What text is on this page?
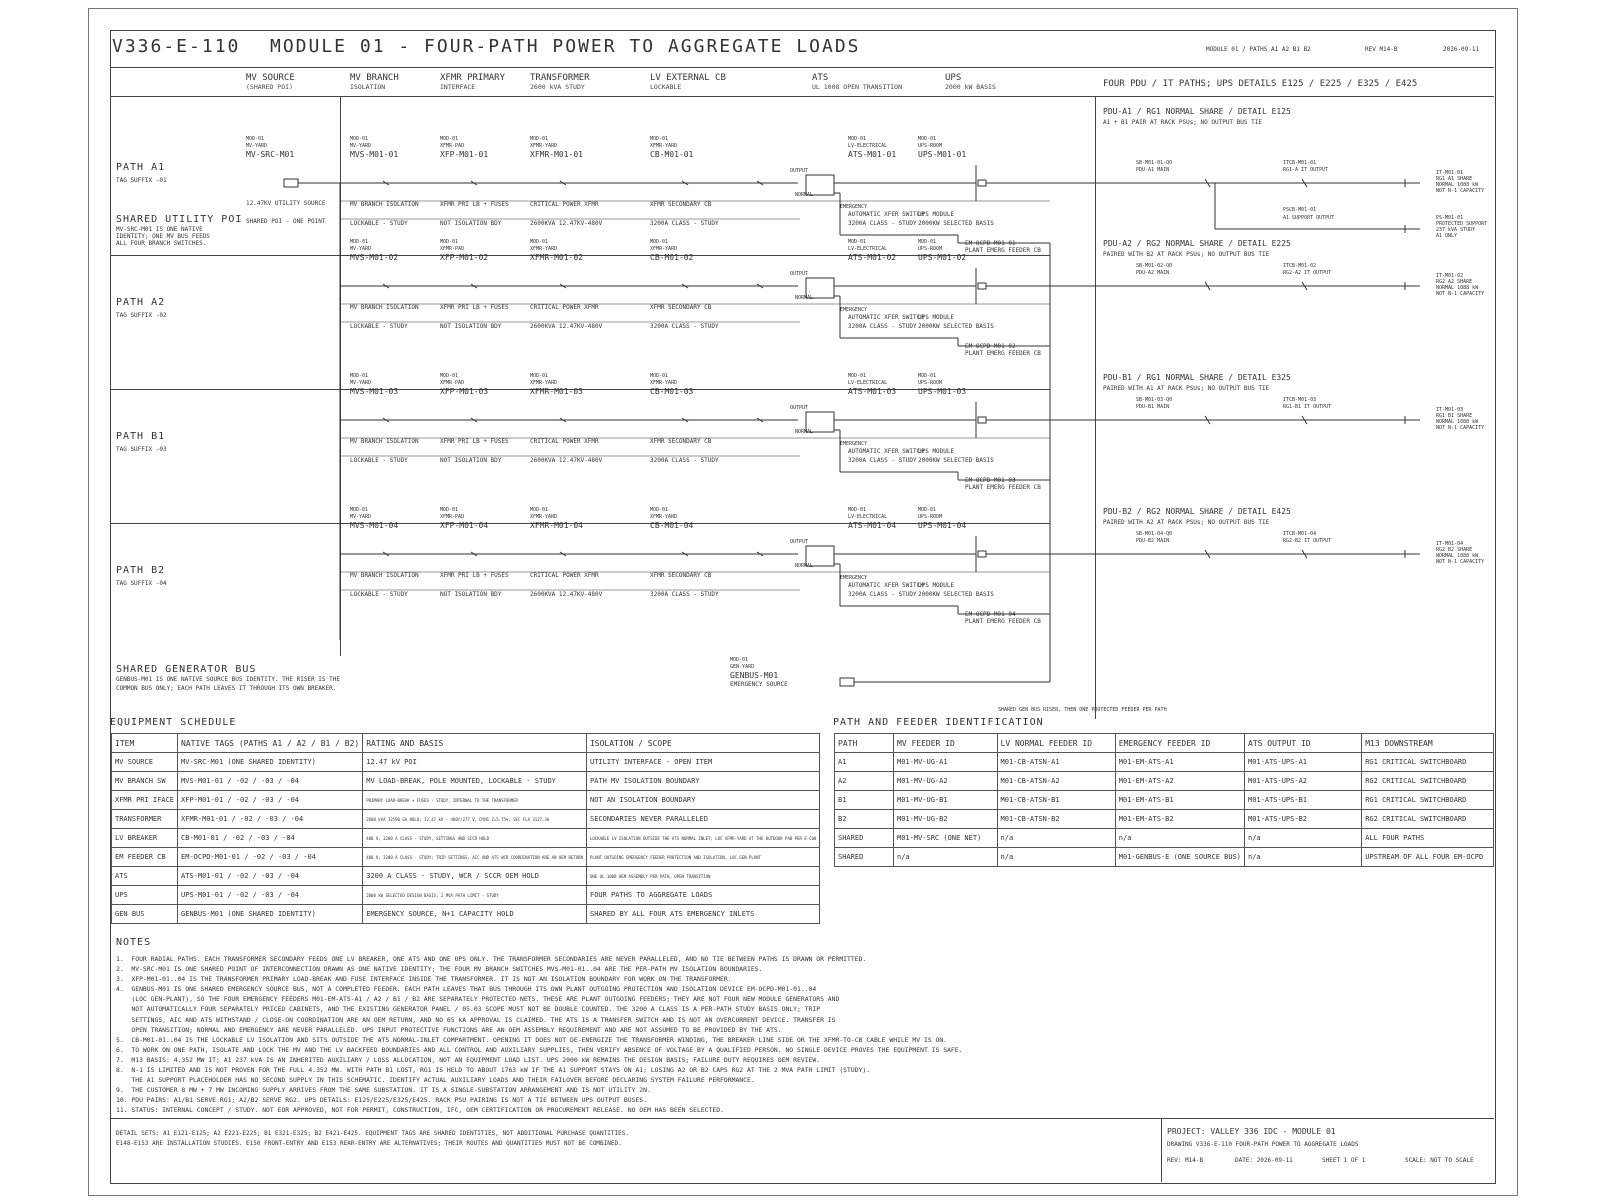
V336-E-110 MODULE 01 - FOUR-PATH POWER TO AGGREGATE LOADS	MODULE 01 / PATHS A1 A2 B1 B2	REV M14-B	2026-09-11
MV SOURCE
(SHARED POI)
MV BRANCH
ISOLATION
XFMR PRIMARY
INTERFACE
TRANSFORMER
2600 kVA STUDY
LV EXTERNAL CB
LOCKABLE
ATS
UL 1008 OPEN TRANSITION
UPS
2000 kW BASIS	FOUR PDU / IT PATHS; UPS DETAILS E125 / E225 / E325 / E425
PATH A1
TAG SUFFIX -01
PATH A2
TAG SUFFIX -02
PATH B1
TAG SUFFIX -03
PATH B2
TAG SUFFIX -04
SHARED UTILITY POI
MV-SRC-M01 IS ONE NATIVE
IDENTITY; ONE MV BUS FEEDS
ALL FOUR BRANCH SWITCHES.
MOD-01
MV-YARD
MV-SRC-M01
12.47KV UTILITY SOURCE
SHARED POI - ONE POINT
MOD-01
MV-YARD
MVS-M01-01
MV BRANCH ISOLATION
LOCKABLE - STUDY
MOD-01
XFMR-PAD
XFP-M01-01
XFMR PRI LB + FUSES
NOT ISOLATION BDY
MOD-01
XFMR-YARD
XFMR-M01-01
CRITICAL POWER XFMR
2600KVA 12.47KV-480V
MOD-01
XFMR-YARD
CB-M01-01
XFMR SECONDARY CB
3200A CLASS - STUDY
MOD-01
LV-ELECTRICAL
ATS-M01-01
AUTOMATIC XFER SWITCH
3200A CLASS - STUDY
MOD-01
UPS-ROOM
UPS-M01-01
UPS MODULE
2000KW SELECTED BASIS
OUTPUT
NORMAL
EMERGENCY
EM-OCPD-M01-01
PLANT EMERG FEEDER CB
PDU-A1 / RG1 NORMAL SHARE / DETAIL E125
A1 + B1 PAIR AT RACK PSUs; NO OUTPUT BUS TIE
SB-M01-01-Q0
PDU-A1 MAIN
ITCB-M01-01
RG1-A IT OUTPUT	IT-M01-01
RG1 A1 SHARE
NORMAL 1088 kW
NOT N-1 CAPACITY
MOD-01
MV-YARD
MVS-M01-02
MV BRANCH ISOLATION
LOCKABLE - STUDY
MOD-01
XFMR-PAD
XFP-M01-02
XFMR PRI LB + FUSES
NOT ISOLATION BDY
MOD-01
XFMR-YARD
XFMR-M01-02
CRITICAL POWER XFMR
2600KVA 12.47KV-480V
MOD-01
XFMR-YARD
CB-M01-02
XFMR SECONDARY CB
3200A CLASS - STUDY
MOD-01
LV-ELECTRICAL
ATS-M01-02
AUTOMATIC XFER SWITCH
3200A CLASS - STUDY
MOD-01
UPS-ROOM
UPS-M01-02
UPS MODULE
2000KW SELECTED BASIS
OUTPUT
NORMAL
EMERGENCY
EM-OCPD-M01-02
PLANT EMERG FEEDER CB
PDU-A2 / RG2 NORMAL SHARE / DETAIL E225
PAIRED WITH B2 AT RACK PSUs; NO OUTPUT BUS TIE
SB-M01-02-Q0
PDU-A2 MAIN
ITCB-M01-02
RG2-A2 IT OUTPUT	IT-M01-02
RG2 A2 SHARE
NORMAL 1088 kW
NOT N-1 CAPACITY
MOD-01
MV-YARD
MVS-M01-03
MV BRANCH ISOLATION
LOCKABLE - STUDY
MOD-01
XFMR-PAD
XFP-M01-03
XFMR PRI LB + FUSES
NOT ISOLATION BDY
MOD-01
XFMR-YARD
XFMR-M01-03
CRITICAL POWER XFMR
2600KVA 12.47KV-480V
MOD-01
XFMR-YARD
CB-M01-03
XFMR SECONDARY CB
3200A CLASS - STUDY
MOD-01
LV-ELECTRICAL
ATS-M01-03
AUTOMATIC XFER SWITCH
3200A CLASS - STUDY
MOD-01
UPS-ROOM
UPS-M01-03
UPS MODULE
2000KW SELECTED BASIS
OUTPUT
NORMAL
EMERGENCY
EM-OCPD-M01-03
PLANT EMERG FEEDER CB
PDU-B1 / RG1 NORMAL SHARE / DETAIL E325
PAIRED WITH A1 AT RACK PSUs; NO OUTPUT BUS TIE
SB-M01-03-Q0
PDU-B1 MAIN
ITCB-M01-03
RG1-B1 IT OUTPUT	IT-M01-03
RG1 B1 SHARE
NORMAL 1088 kW
NOT N-1 CAPACITY
MOD-01
MV-YARD
MVS-M01-04
MV BRANCH ISOLATION
LOCKABLE - STUDY
MOD-01
XFMR-PAD
XFP-M01-04
XFMR PRI LB + FUSES
NOT ISOLATION BDY
MOD-01
XFMR-YARD
XFMR-M01-04
CRITICAL POWER XFMR
2600KVA 12.47KV-480V
MOD-01
XFMR-YARD
CB-M01-04
XFMR SECONDARY CB
3200A CLASS - STUDY
MOD-01
LV-ELECTRICAL
ATS-M01-04
AUTOMATIC XFER SWITCH
3200A CLASS - STUDY
MOD-01
UPS-ROOM
UPS-M01-04
UPS MODULE
2000KW SELECTED BASIS
OUTPUT
NORMAL
EMERGENCY
EM-OCPD-M01-04
PLANT EMERG FEEDER CB
PDU-B2 / RG2 NORMAL SHARE / DETAIL E425
PAIRED WITH A2 AT RACK PSUs; NO OUTPUT BUS TIE
SB-M01-04-Q0
PDU-B2 MAIN
ITCB-M01-04
RG2-B2 IT OUTPUT	IT-M01-04
RG2 B2 SHARE
NORMAL 1088 kW
NOT N-1 CAPACITY
PSCB-M01-01
A1 SUPPORT OUTPUT	PS-M01-01
PROTECTED SUPPORT
237 kVA STUDY
A1 ONLY
SHARED GENERATOR BUS
GENBUS-M01 IS ONE NATIVE SOURCE BUS IDENTITY. THE RISER IS THE
COMMON BUS ONLY; EACH PATH LEAVES IT THROUGH ITS OWN BREAKER.
MOD-01
GEN-YARD
GENBUS-M01
EMERGENCY SOURCE
SHARED GEN BUS RISER, THEN ONE PROTECTED FEEDER PER PATH
EQUIPMENT SCHEDULE
ITEM	NATIVE TAGS (PATHS A1 / A2 / B1 / B2)	RATING AND BASIS	ISOLATION / SCOPE
MV SOURCE	MV-SRC-M01 (ONE SHARED IDENTITY)	12.47 kV POI	UTILITY INTERFACE - OPEN ITEM
MV BRANCH SW	MVS-M01-01 / -02 / -03 / -04	MV LOAD-BREAK, POLE MOUNTED, LOCKABLE - STUDY	PATH MV ISOLATION BOUNDARY
XFMR PRI IFACE	XFP-M01-01 / -02 / -03 / -04	PRIMARY LOAD-BREAK + FUSES - STUDY, INTERNAL TO THE TRANSFORMER	NOT AN ISOLATION BOUNDARY
TRANSFORMER	XFMR-M01-01 / -02 / -03 / -04	2600 kVA 12590 GA HOLD; 12.47 kV - 480Y/277 V, DYN1 Z=5.75%; SEC FLA 3127.3A	SECONDARIES NEVER PARALLELED
LV BREAKER	CB-M01-01 / -02 / -03 / -04	480 V, 3200 A CLASS - STUDY, SETTINGS AND SCCR HOLD	LOCKABLE LV ISOLATION OUTSIDE THE ATS NORMAL INLET; LOC XFMR-YARD AT THE OUTDOOR PAD PER E-C08
EM FEEDER CB	EM-OCPD-M01-01 / -02 / -03 / -04	480 V, 3200 A CLASS - STUDY; TRIP SETTINGS, AIC AND ATS WCR COORDINATION ARE AN OEM RETURN	PLANT OUTGOING EMERGENCY FEEDER PROTECTION AND ISOLATION, LOC GEN-PLANT
ATS	ATS-M01-01 / -02 / -03 / -04	3200 A CLASS - STUDY, WCR / SCCR OEM HOLD	ONE UL 1008 OEM ASSEMBLY PER PATH, OPEN TRANSITION
UPS	UPS-M01-01 / -02 / -03 / -04	2000 kW SELECTED DESIGN BASIS; 2 MVA PATH LIMIT - STUDY	FOUR PATHS TO AGGREGATE LOADS
GEN BUS	GENBUS-M01 (ONE SHARED IDENTITY)	EMERGENCY SOURCE, N+1 CAPACITY HOLD	SHARED BY ALL FOUR ATS EMERGENCY INLETS
PATH AND FEEDER IDENTIFICATION
PATH	MV FEEDER ID	LV NORMAL FEEDER ID	EMERGENCY FEEDER ID	ATS OUTPUT ID	M13 DOWNSTREAM
A1	M01-MV-UG-A1	M01-CB-ATSN-A1	M01-EM-ATS-A1	M01-ATS-UPS-A1	RG1 CRITICAL SWITCHBOARD
A2	M01-MV-UG-A2	M01-CB-ATSN-A2	M01-EM-ATS-A2	M01-ATS-UPS-A2	RG2 CRITICAL SWITCHBOARD
B1	M01-MV-UG-B1	M01-CB-ATSN-B1	M01-EM-ATS-B1	M01-ATS-UPS-B1	RG1 CRITICAL SWITCHBOARD
B2	M01-MV-UG-B2	M01-CB-ATSN-B2	M01-EM-ATS-B2	M01-ATS-UPS-B2	RG2 CRITICAL SWITCHBOARD
SHARED	M01-MV-SRC (ONE NET)	n/a	n/a	n/a	ALL FOUR PATHS
SHARED	n/a	n/a	M01-GENBUS-E (ONE SOURCE BUS)	n/a	UPSTREAM OF ALL FOUR EM-OCPD
NOTES
1.  FOUR RADIAL PATHS. EACH TRANSFORMER SECONDARY FEEDS ONE LV BREAKER, ONE ATS AND ONE UPS ONLY. THE TRANSFORMER SECONDARIES ARE NEVER PARALLELED, AND NO TIE BETWEEN PATHS IS DRAWN OR PERMITTED.
2.  MV-SRC-M01 IS ONE SHARED POINT OF INTERCONNECTION DRAWN AS ONE NATIVE IDENTITY; THE FOUR MV BRANCH SWITCHES MVS-M01-01..04 ARE THE PER-PATH MV ISOLATION BOUNDARIES.
3.  XFP-M01-01..04 IS THE TRANSFORMER PRIMARY LOAD-BREAK AND FUSE INTERFACE INSIDE THE TRANSFORMER. IT IS NOT AN ISOLATION BOUNDARY FOR WORK ON THE TRANSFORMER.
4.  GENBUS-M01 IS ONE SHARED EMERGENCY SOURCE BUS, NOT A COMPLETED FEEDER. EACH PATH LEAVES THAT BUS THROUGH ITS OWN PLANT OUTGOING PROTECTION AND ISOLATION DEVICE EM-OCPD-M01-01..04
(LOC GEN-PLANT), SO THE FOUR EMERGENCY FEEDERS M01-EM-ATS-A1 / A2 / B1 / B2 ARE SEPARATELY PROTECTED NETS. THESE ARE PLANT OUTGOING FEEDERS; THEY ARE NOT FOUR NEW MODULE GENERATORS AND
NOT AUTOMATICALLY FOUR SEPARATELY PRICED CABINETS, AND THE EXISTING GENERATOR PANEL / 05.03 SCOPE MUST NOT BE DOUBLE COUNTED. THE 3200 A CLASS IS A PER-PATH STUDY BASIS ONLY; TRIP
SETTINGS, AIC AND ATS WITHSTAND / CLOSE-ON COORDINATION ARE AN OEM RETURN, AND NO 65 kA APPROVAL IS CLAIMED. THE ATS IS A TRANSFER SWITCH AND IS NOT AN OVERCURRENT DEVICE. TRANSFER IS
OPEN TRANSITION; NORMAL AND EMERGENCY ARE NEVER PARALLELED. UPS INPUT PROTECTIVE FUNCTIONS ARE AN OEM ASSEMBLY REQUIREMENT AND ARE NOT ASSUMED TO BE PROVIDED BY THE ATS.
5.  CB-M01-01..04 IS THE LOCKABLE LV ISOLATION AND SITS OUTSIDE THE ATS NORMAL-INLET COMPARTMENT. OPENING IT DOES NOT DE-ENERGIZE THE TRANSFORMER WINDING, THE BREAKER LINE SIDE OR THE XFMR-TO-CB CABLE WHILE MV IS ON.
6.  TO WORK ON ONE PATH, ISOLATE AND LOCK THE MV AND THE LV BACKFEED BOUNDARIES AND ALL CONTROL AND AUXILIARY SUPPLIES, THEN VERIFY ABSENCE OF VOLTAGE BY A QUALIFIED PERSON. NO SINGLE DEVICE PROVES THE EQUIPMENT IS SAFE.
7.  M13 BASIS: 4.352 MW IT; A1 237 kVA IS AN INHERITED AUXILIARY / LOSS ALLOCATION, NOT AN EQUIPMENT LOAD LIST. UPS 2000 kW REMAINS THE DESIGN BASIS; FAILURE DUTY REQUIRES OEM REVIEW.
8.  N-1 IS LIMITED AND IS NOT PROVEN FOR THE FULL 4.352 MW. WITH PATH B1 LOST, RG1 IS HELD TO ABOUT 1763 kW IF THE A1 SUPPORT STAYS ON A1; LOSING A2 OR B2 CAPS RG2 AT THE 2 MVA PATH LIMIT (STUDY).
THE A1 SUPPORT PLACEHOLDER HAS NO SECOND SUPPLY IN THIS SCHEMATIC. IDENTIFY ACTUAL AUXILIARY LOADS AND THEIR FAILOVER BEFORE DECLARING SYSTEM FAILURE PERFORMANCE.
9.  THE CUSTOMER 8 MW + 7 MW INCOMING SUPPLY ARRIVES FROM THE SAME SUBSTATION. IT IS A SINGLE-SUBSTATION ARRANGEMENT AND IS NOT UTILITY 2N.
10. PDU PAIRS: A1/B1 SERVE RG1; A2/B2 SERVE RG2. UPS DETAILS: E125/E225/E325/E425. RACK PSU PAIRING IS NOT A TIE BETWEEN UPS OUTPUT BUSES.
11. STATUS: INTERNAL CONCEPT / STUDY. NOT EOR APPROVED, NOT FOR PERMIT, CONSTRUCTION, IFC, OEM CERTIFICATION OR PROCUREMENT RELEASE. NO OEM HAS BEEN SELECTED.
DETAIL SETS: A1 E121-E125; A2 E221-E225; B1 E321-E325; B2 E421-E425. EQUIPMENT TAGS ARE SHARED IDENTITIES, NOT ADDITIONAL PURCHASE QUANTITIES.
E148-E153 ARE INSTALLATION STUDIES. E150 FRONT-ENTRY AND E153 REAR-ENTRY ARE ALTERNATIVES; THEIR ROUTES AND QUANTITIES MUST NOT BE COMBINED.
PROJECT: VALLEY 336 IDC - MODULE 01
DRAWING V336-E-110 FOUR-PATH POWER TO AGGREGATE LOADS
REV: M14-B	DATE: 2026-09-11	SHEET 1 OF 1	SCALE: NOT TO SCALE
